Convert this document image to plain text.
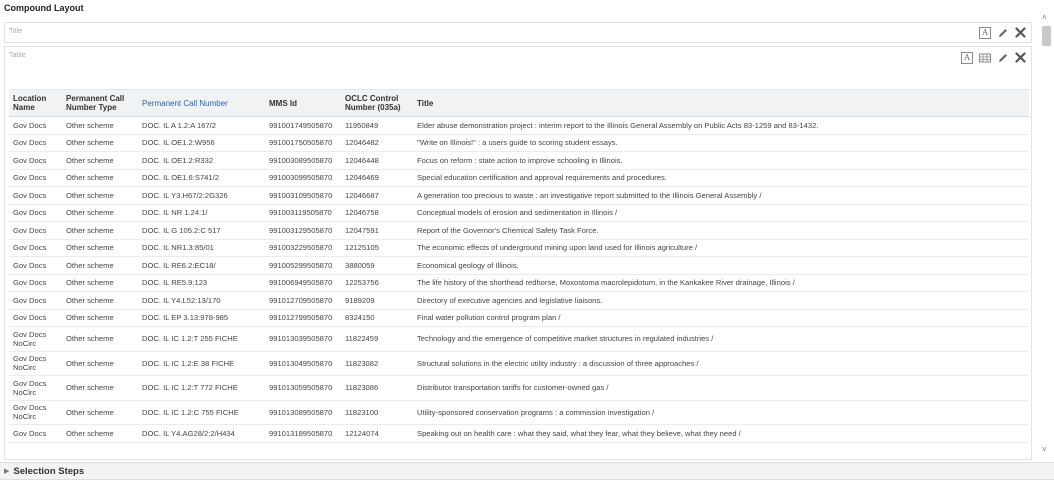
Compound Layout
Title	A
Table	A
Location Name	Permanent Call Number Type	Permanent Call Number	MMS Id	OCLC Control Number (035a)	Title
Gov Docs	Other scheme	DOC. IL A 1.2:A 167/2	991001749505870	11950849	Elder abuse demonstration project : interim report to the Illinois General Assembly on Public Acts 83-1259 and 83-1432.
Gov Docs	Other scheme	DOC. IL OE1.2:W956	991001750505870	12046482	"Write on Illinois!" : a users guide to scoring student essays.
Gov Docs	Other scheme	DOC. IL OE1.2:R332	991003089505870	12046448	Focus on reform : state action to improve schooling in Illinois.
Gov Docs	Other scheme	DOC. IL OE1.6:S741/2	991003099505870	12046469	Special education certification and approval requirements and procedures.
Gov Docs	Other scheme	DOC. IL Y3.H67/2:2G326	991003109505870	12046687	A generation too precious to waste : an investigative report submitted to the Illinois General Assembly /
Gov Docs	Other scheme	DOC. IL NR 1.24:1/	991003119505870	12046758	Conceptual models of erosion and sedimentation in Illinois /
Gov Docs	Other scheme	DOC. IL G 105.2:C 517	991003129505870	12047591	Report of the Governor's Chemical Safety Task Force.
Gov Docs	Other scheme	DOC. IL NR1.3:85/01	991003229505870	12125105	The economic effects of underground mining upon land used for Illinois agriculture /
Gov Docs	Other scheme	DOC. IL RE6.2:EC18/	991005299505870	3880059	Economical geology of Illinois,
Gov Docs	Other scheme	DOC. IL RE5.9:123	991006949505870	12253756	The life history of the shorthead redhorse, Moxostoma macrolepidotum, in the Kankakee River drainage, Illinois /
Gov Docs	Other scheme	DOC. IL Y4.L52:13/170	991012709505870	9189209	Directory of executive agencies and legislative liaisons.
Gov Docs	Other scheme	DOC. IL EP 3.13:978-985	991012799505870	8324150	Final water pollution control program plan /
Gov Docs NoCirc	Other scheme	DOC. IL IC 1.2:T 255 FICHE	991013039505870	11822459	Technology and the emergence of competitive market structures in regulated industries /
Gov Docs NoCirc	Other scheme	DOC. IL IC 1.2:E 38 FICHE	991013049505870	11823082	Structural solutions in the electric utility industry : a discussion of three approaches /
Gov Docs NoCirc	Other scheme	DOC. IL IC 1.2:T 772 FICHE	991013059505870	11823086	Distributor transportation tariffs for customer-owned gas /
Gov Docs NoCirc	Other scheme	DOC. IL IC 1.2:C 755 FICHE	991013089505870	11823100	Utility-sponsored conservation programs : a commission investigation /
Gov Docs	Other scheme	DOC. IL Y4.AG28/2:2/H434	991013189505870	12124074	Speaking out on health care : what they said, what they fear, what they believe, what they need /
˄
˅
▶ Selection Steps
